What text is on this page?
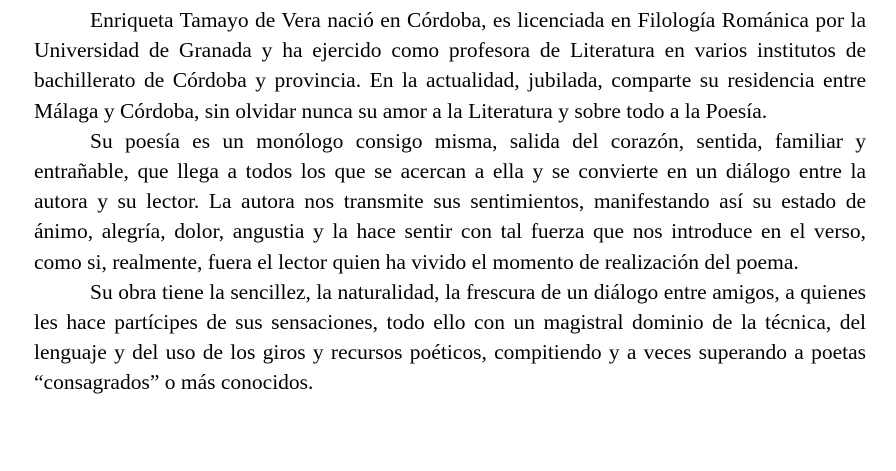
Enriqueta Tamayo de Vera nació en Córdoba, es licenciada en Filología Románica por la Universidad de Granada y ha ejercido como profesora de Literatura en varios institutos de bachillerato de Córdoba y provincia. En la actualidad, jubilada, comparte su residencia entre Málaga y Córdoba, sin olvidar nunca su amor a la Literatura y sobre todo a la Poesía.

Su poesía es un monólogo consigo misma, salida del corazón, sentida, familiar y entrañable, que llega a todos los que se acercan a ella y se convierte en un diálogo entre la autora y su lector. La autora nos transmite sus sentimientos, manifestando así su estado de ánimo, alegría, dolor, angustia y la hace sentir con tal fuerza que nos introduce en el verso, como si, realmente, fuera el lector quien ha vivido el momento de realización del poema.

Su obra tiene la sencillez, la naturalidad, la frescura de un diálogo entre amigos, a quienes les hace partícipes de sus sensaciones, todo ello con un magistral dominio de la técnica, del lenguaje y del uso de los giros y recursos poéticos, compitiendo y a veces superando a poetas “consagrados” o más conocidos.
